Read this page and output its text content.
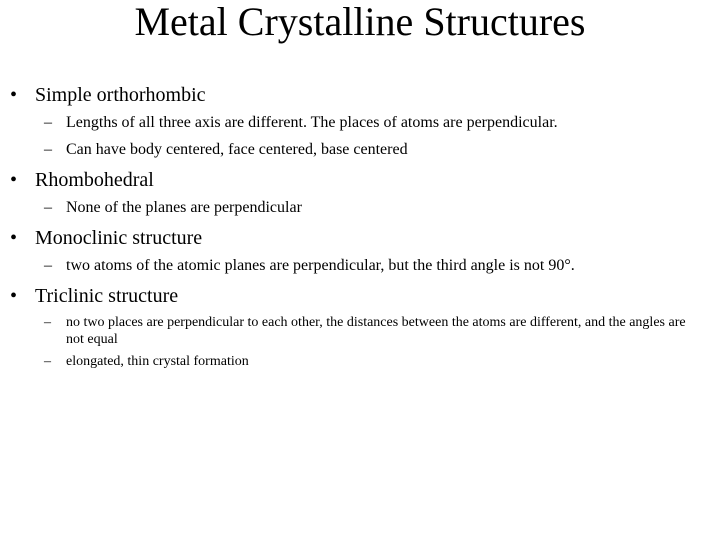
Metal Crystalline Structures
• Simple orthorhombic
– Lengths of all three axis are different. The places of atoms are perpendicular.
– Can have body centered, face centered, base centered
• Rhombohedral
– None of the planes are perpendicular
• Monoclinic structure
– two atoms of the atomic planes are perpendicular, but the third angle is not 90°.
• Triclinic structure
–	no two places are perpendicular to each other, the distances between the atoms are different, and the angles are not equal
–	elongated, thin crystal formation
